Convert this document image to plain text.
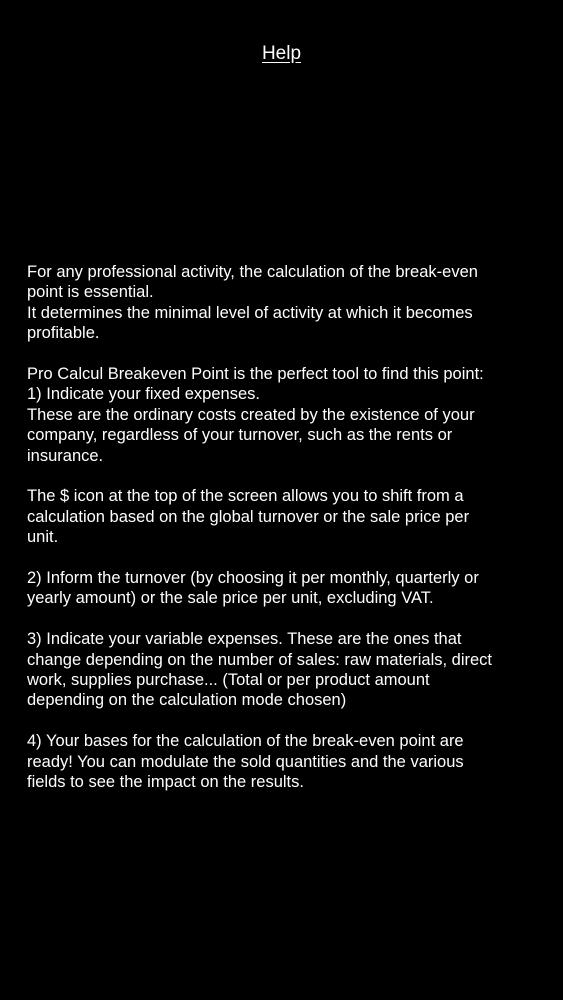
Help
For any professional activity, the calculation of the break-even
point is essential.
It determines the minimal level of activity at which it becomes
profitable.
Pro Calcul Breakeven Point is the perfect tool to find this point:
1) Indicate your fixed expenses.
These are the ordinary costs created by the existence of your
company, regardless of your turnover, such as the rents or
insurance.
The $ icon at the top of the screen allows you to shift from a
calculation based on the global turnover or the sale price per
unit.
2) Inform the turnover (by choosing it per monthly, quarterly or
yearly amount) or the sale price per unit, excluding VAT.
3) Indicate your variable expenses. These are the ones that
change depending on the number of sales: raw materials, direct
work, supplies purchase... (Total or per product amount
depending on the calculation mode chosen)
4) Your bases for the calculation of the break-even point are
ready! You can modulate the sold quantities and the various
fields to see the impact on the results.
